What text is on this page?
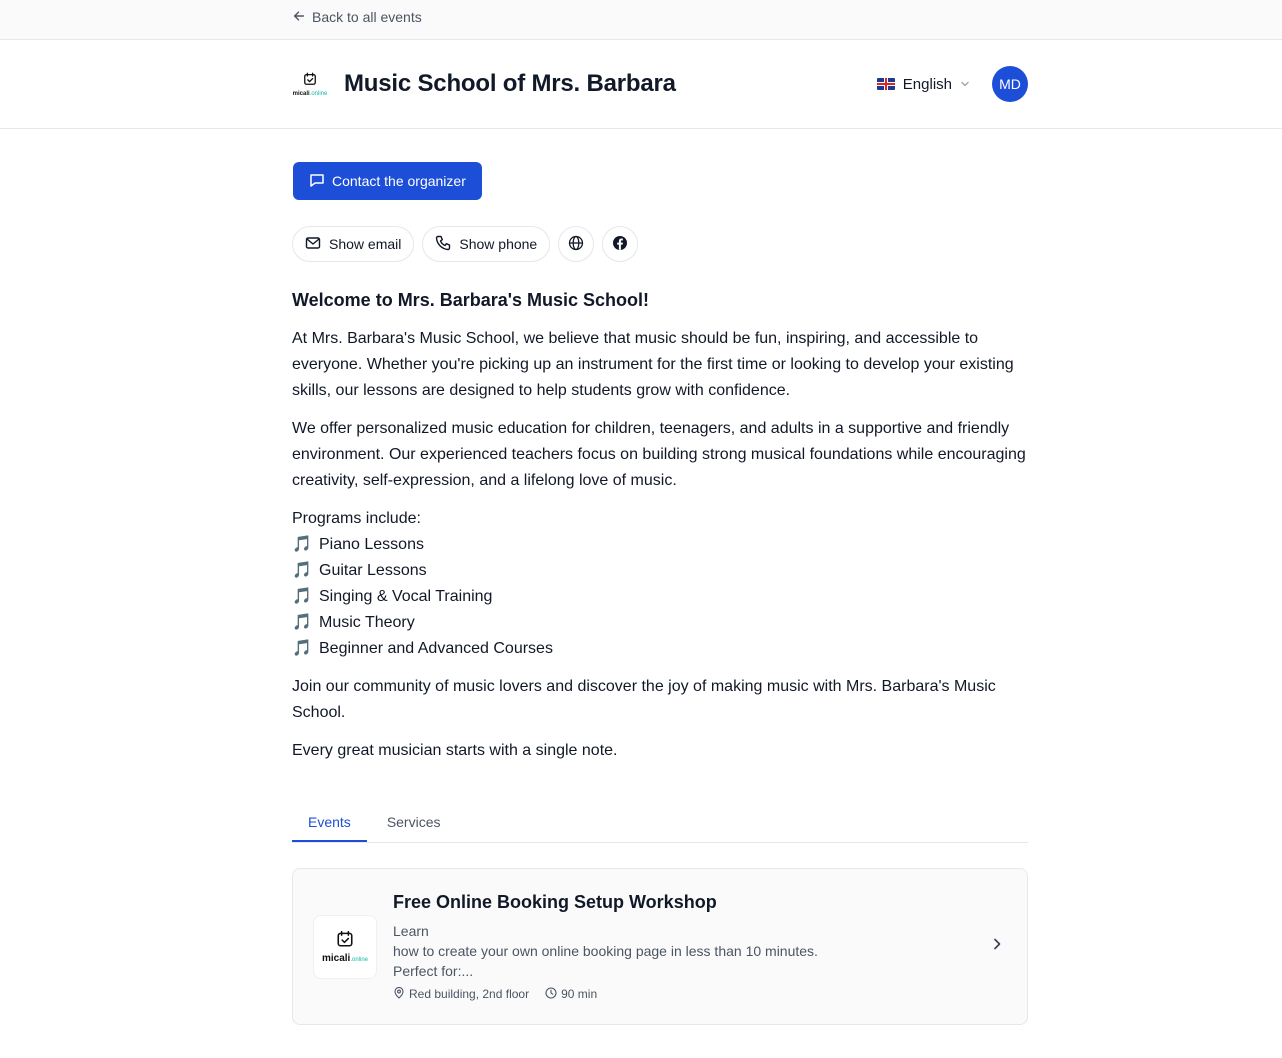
Back to all events
micali.online Music School of Mrs. Barbara	English	MD
Contact the organizer
Show email	Show phone
Welcome to Mrs. Barbara's Music School!

At Mrs. Barbara's Music School, we believe that music should be fun, inspiring, and accessible to everyone. Whether you're picking up an instrument for the first time or looking to develop your existing skills, our lessons are designed to help students grow with confidence.

We offer personalized music education for children, teenagers, and adults in a supportive and friendly environment. Our experienced teachers focus on building strong musical foundations while encouraging creativity, self-expression, and a lifelong love of music.

Programs include:
🎵 Piano Lessons
🎵 Guitar Lessons
🎵 Singing & Vocal Training
🎵 Music Theory
🎵 Beginner and Advanced Courses

Join our community of music lovers and discover the joy of making music with Mrs. Barbara's Music School.

Every great musician starts with a single note.

Events	Services
micali.online
Free Online Booking Setup Workshop
Learn
how to create your own online booking page in less than 10 minutes.
Perfect for:...
Red building, 2nd floor	90 min
